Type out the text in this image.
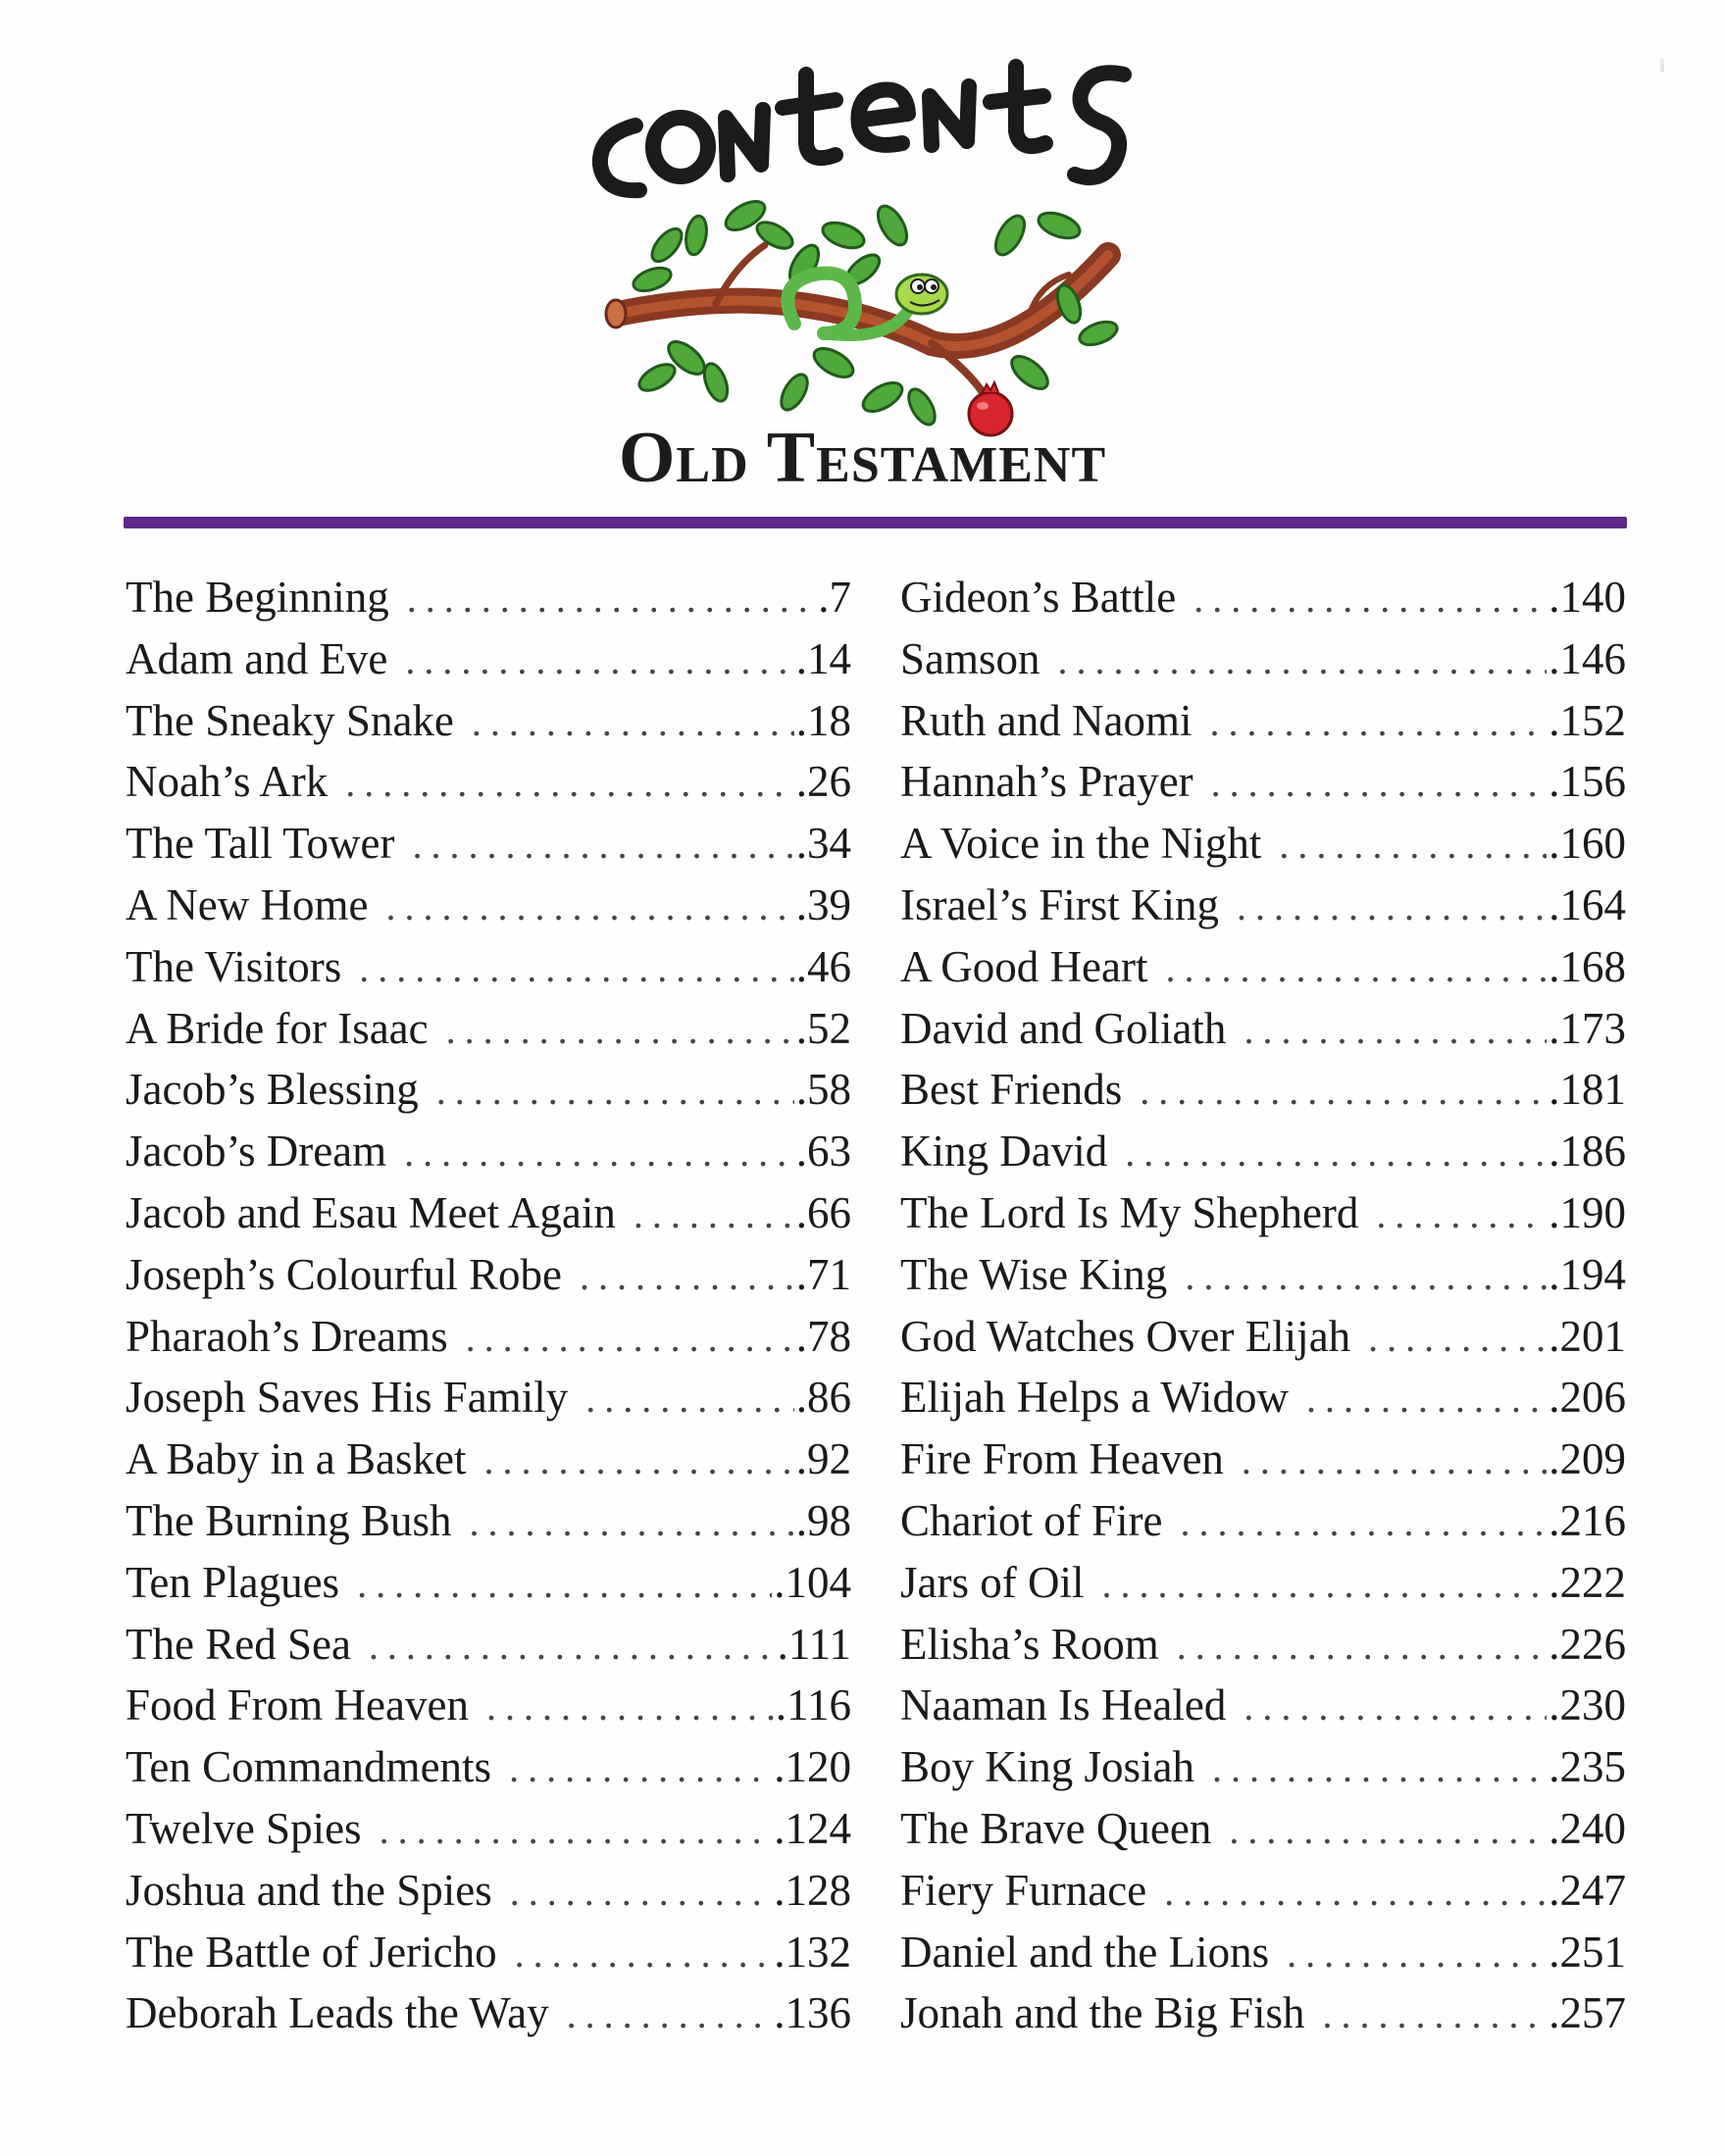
Old Testament
The Beginning .....	.7
Adam and Eve .....	.14
The Sneaky Snake .....	.18
Noah’s Ark .....	.26
The Tall Tower .....	.34
A New Home .....	.39
The Visitors .....	.46
A Bride for Isaac .....	.52
Jacob’s Blessing .....	.58
Jacob’s Dream .....	.63
Jacob and Esau Meet Again .....	.66
Joseph’s Colourful Robe .....	.71
Pharaoh’s Dreams .....	.78
Joseph Saves His Family .....	.86
A Baby in a Basket .....	.92
The Burning Bush .....	.98
Ten Plagues .....	.104
The Red Sea .....	.111
Food From Heaven .....	.116
Ten Commandments .....	.120
Twelve Spies .....	.124
Joshua and the Spies .....	.128
The Battle of Jericho .....	.132
Deborah Leads the Way .....	.136
Gideon’s Battle .....	.140
Samson .....	.146
Ruth and Naomi .....	.152
Hannah’s Prayer .....	.156
A Voice in the Night .....	.160
Israel’s First King .....	.164
A Good Heart .....	.168
David and Goliath .....	.173
Best Friends .....	.181
King David .....	.186
The Lord Is My Shepherd .....	.190
The Wise King .....	.194
God Watches Over Elijah .....	.201
Elijah Helps a Widow .....	.206
Fire From Heaven .....	.209
Chariot of Fire .....	.216
Jars of Oil .....	.222
Elisha’s Room .....	.226
Naaman Is Healed .....	.230
Boy King Josiah .....	.235
The Brave Queen .....	.240
Fiery Furnace .....	.247
Daniel and the Lions .....	.251
Jonah and the Big Fish .....	.257
